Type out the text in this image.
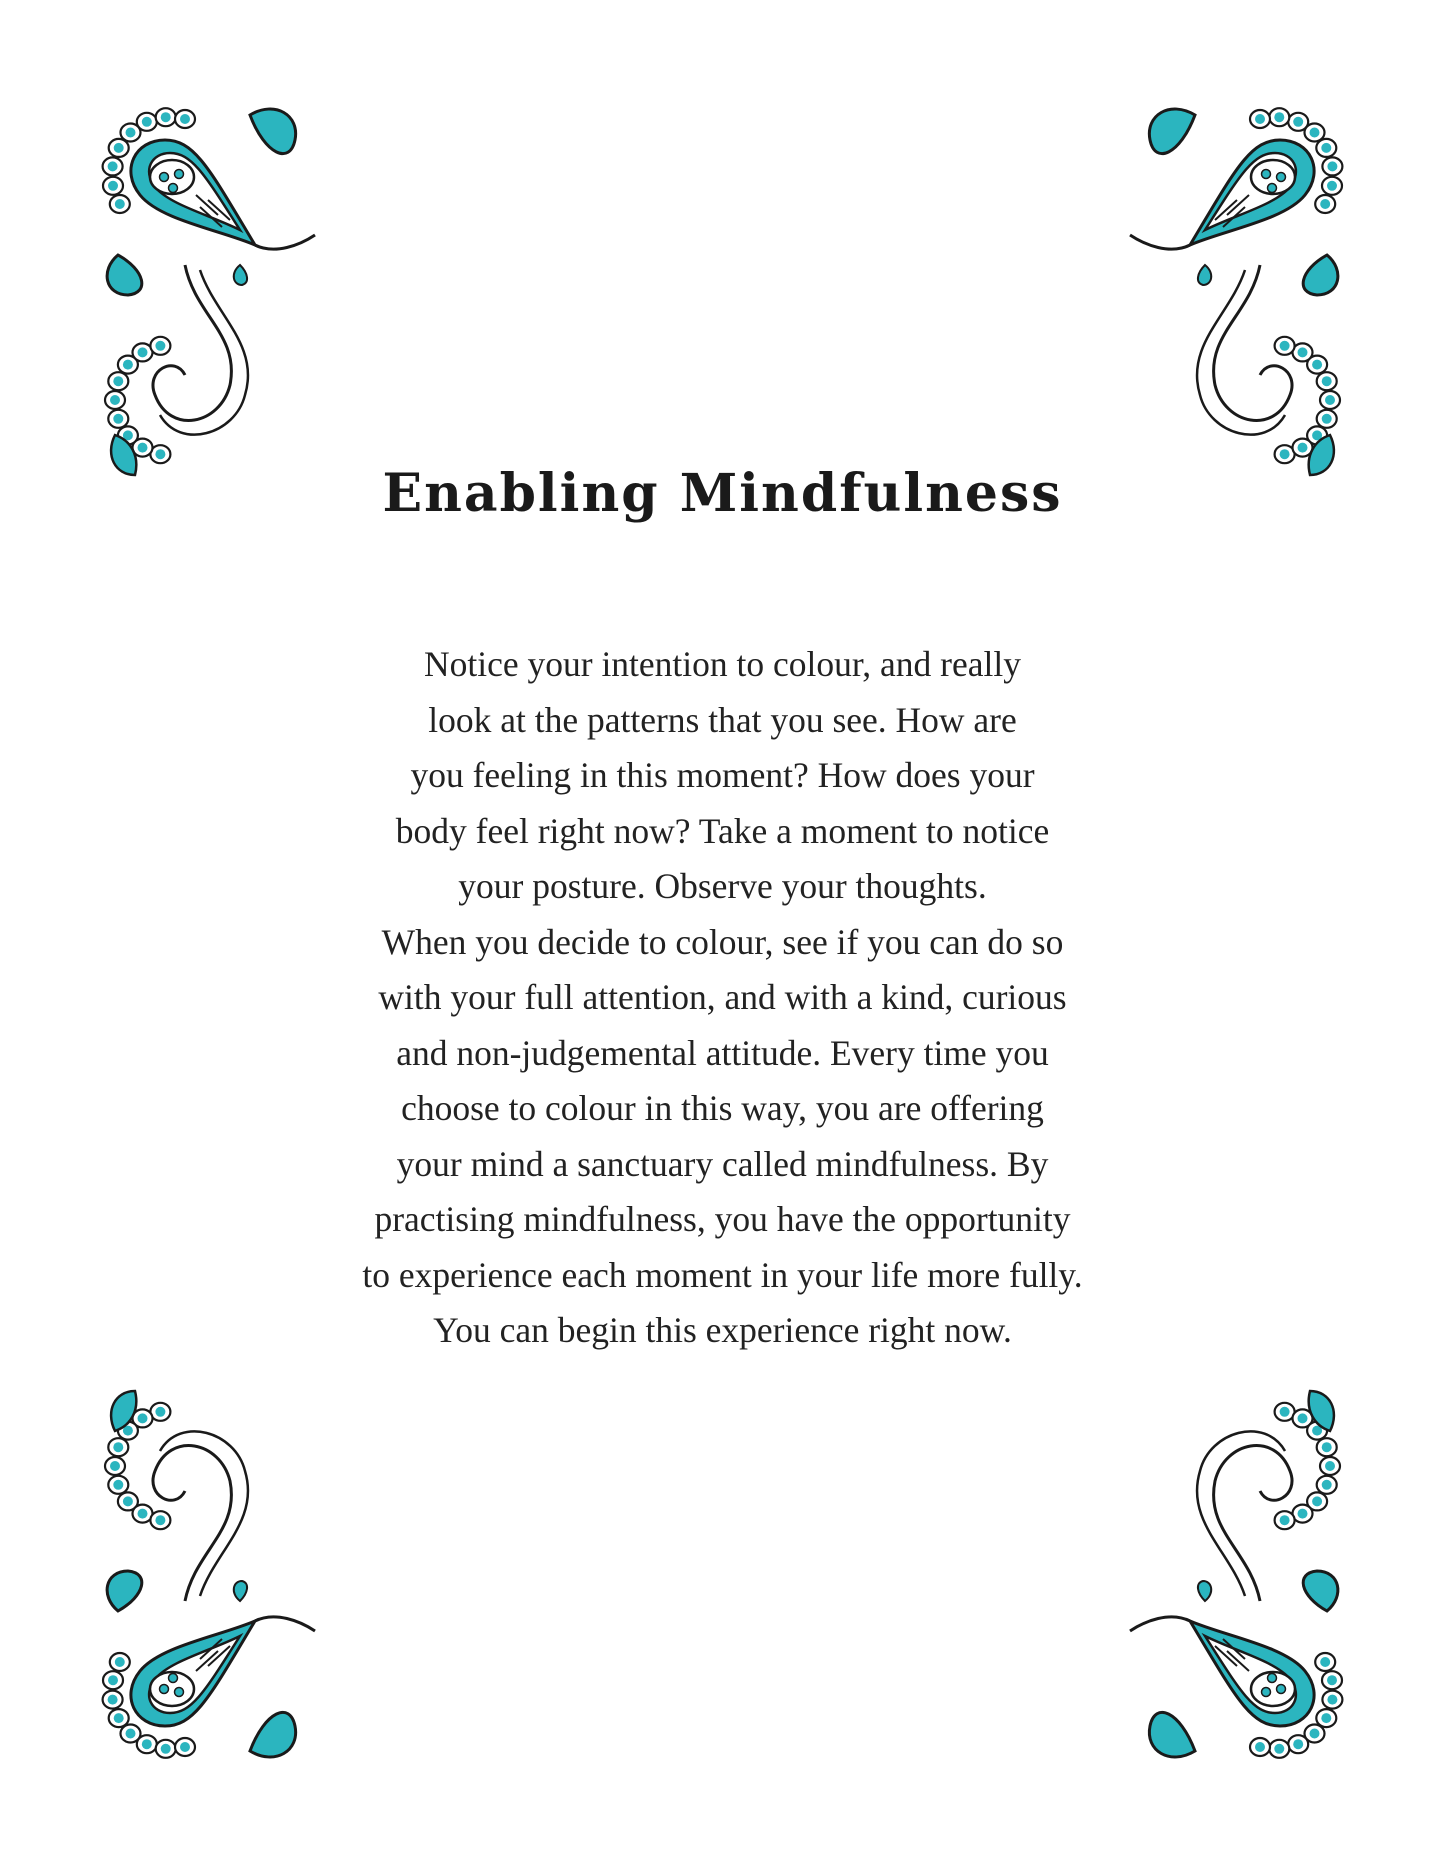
Enabling Mindfulness
Notice your intention to colour, and really
look at the patterns that you see. How are
you feeling in this moment? How does your
body feel right now? Take a moment to notice
your posture. Observe your thoughts.
When you decide to colour, see if you can do so
with your full attention, and with a kind, curious
and non-judgemental attitude. Every time you
choose to colour in this way, you are offering
your mind a sanctuary called mindfulness. By
practising mindfulness, you have the opportunity
to experience each moment in your life more fully.
You can begin this experience right now.
